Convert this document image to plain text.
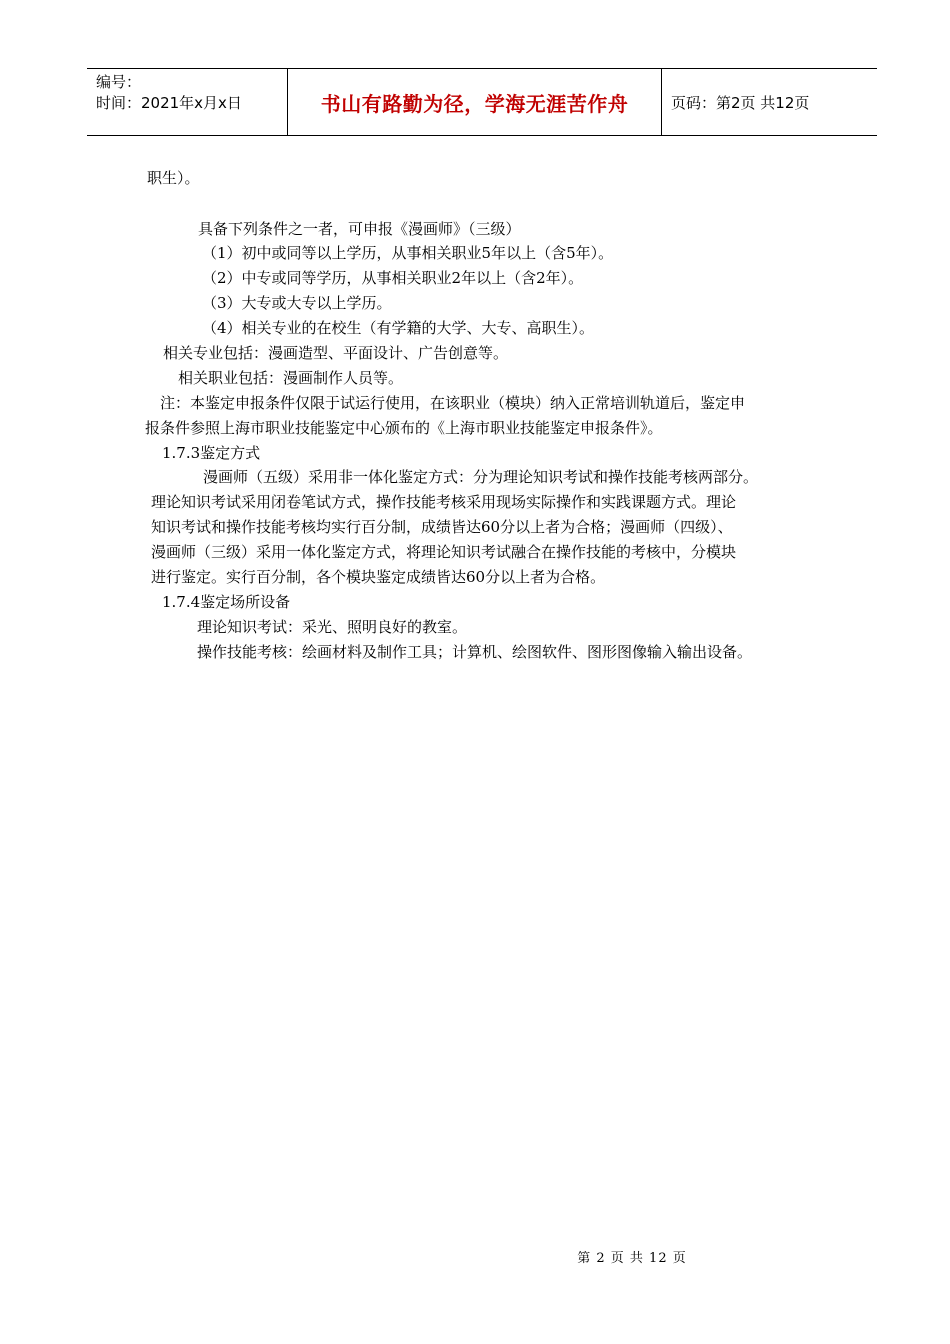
编号：
时间：2021年x月x日	书山有路勤为径，学海无涯苦作舟	页码：第2页 共12页
职生）。
具备下列条件之一者，可申报《漫画师》（三级）
（1）初中或同等以上学历，从事相关职业5年以上（含5年）。
（2）中专或同等学历，从事相关职业2年以上（含2年）。
（3）大专或大专以上学历。
（4）相关专业的在校生（有学籍的大学、大专、高职生）。
相关专业包括：漫画造型、平面设计、广告创意等。
相关职业包括：漫画制作人员等。
注：本鉴定申报条件仅限于试运行使用，在该职业（模块）纳入正常培训轨道后，鉴定申
报条件参照上海市职业技能鉴定中心颁布的《上海市职业技能鉴定申报条件》。
1.7.3鉴定方式
漫画师（五级）采用非一体化鉴定方式：分为理论知识考试和操作技能考核两部分。
理论知识考试采用闭卷笔试方式，操作技能考核采用现场实际操作和实践课题方式。理论
知识考试和操作技能考核均实行百分制，成绩皆达60分以上者为合格；漫画师（四级）、
漫画师（三级）采用一体化鉴定方式，将理论知识考试融合在操作技能的考核中，分模块
进行鉴定。实行百分制，各个模块鉴定成绩皆达60分以上者为合格。
1.7.4鉴定场所设备
理论知识考试：采光、照明良好的教室。
操作技能考核：绘画材料及制作工具；计算机、绘图软件、图形图像输入输出设备。
第 2 页 共 12 页
